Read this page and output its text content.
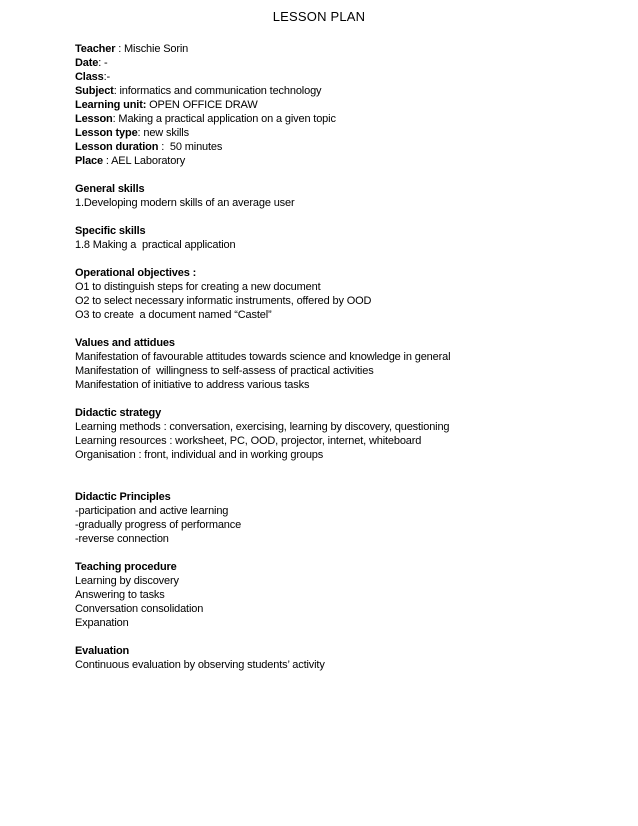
LESSON PLAN
Teacher : Mischie Sorin
Date: -
Class:-
Subject: informatics and communication technology
Learning unit: OPEN OFFICE DRAW
Lesson: Making a practical application on a given topic
Lesson type: new skills
Lesson duration :  50 minutes
Place : AEL Laboratory
General skills
1.Developing modern skills of an average user
Specific skills
1.8 Making a  practical application
Operational objectives :
O1 to distinguish steps for creating a new document
O2 to select necessary informatic instruments, offered by OOD
O3 to create  a document named “Castel”
Values and attidues
Manifestation of favourable attitudes towards science and knowledge in general
Manifestation of  willingness to self-assess of practical activities
Manifestation of initiative to address various tasks
Didactic strategy
Learning methods : conversation, exercising, learning by discovery, questioning
Learning resources : worksheet, PC, OOD, projector, internet, whiteboard
Organisation : front, individual and in working groups
Didactic Principles
-participation and active learning
-gradually progress of performance
-reverse connection
Teaching procedure
Learning by discovery
Answering to tasks
Conversation consolidation
Expanation
Evaluation
Continuous evaluation by observing students’ activity
